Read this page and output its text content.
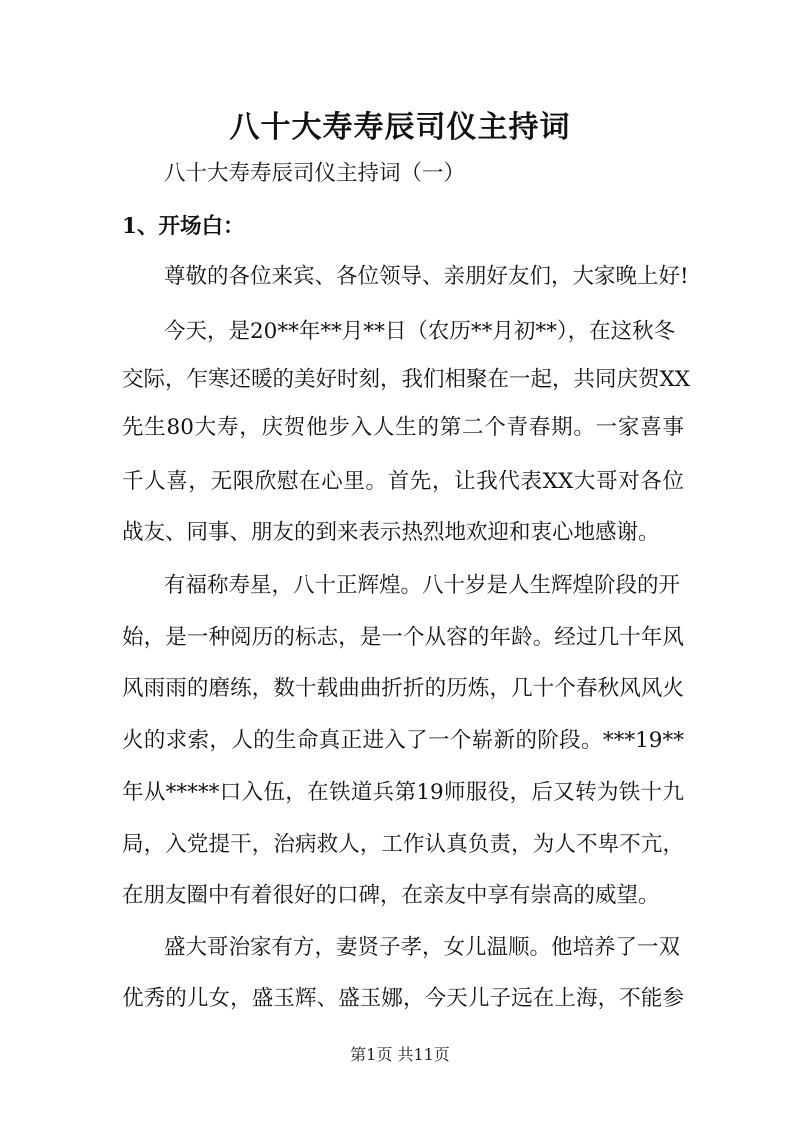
八十大寿寿辰司仪主持词
八十大寿寿辰司仪主持词（一）
1、开场白：
尊敬的各位来宾、各位领导、亲朋好友们，大家晚上好!
今天，是20**年**月**日（农历**月初**），在这秋冬
交际，乍寒还暖的美好时刻，我们相聚在一起，共同庆贺XX
先生80大寿，庆贺他步入人生的第二个青春期。一家喜事
千人喜，无限欣慰在心里。首先，让我代表XX大哥对各位
战友、同事、朋友的到来表示热烈地欢迎和衷心地感谢。
有福称寿星，八十正辉煌。八十岁是人生辉煌阶段的开
始，是一种阅历的标志，是一个从容的年龄。经过几十年风
风雨雨的磨练，数十载曲曲折折的历炼，几十个春秋风风火
火的求索，人的生命真正进入了一个崭新的阶段。***19**
年从*****口入伍，在铁道兵第19师服役，后又转为铁十九
局，入党提干，治病救人，工作认真负责，为人不卑不亢，
在朋友圈中有着很好的口碑，在亲友中享有崇高的威望。
盛大哥治家有方，妻贤子孝，女儿温顺。他培养了一双
优秀的儿女，盛玉辉、盛玉娜，今天儿子远在上海，不能参
第1页 共11页
